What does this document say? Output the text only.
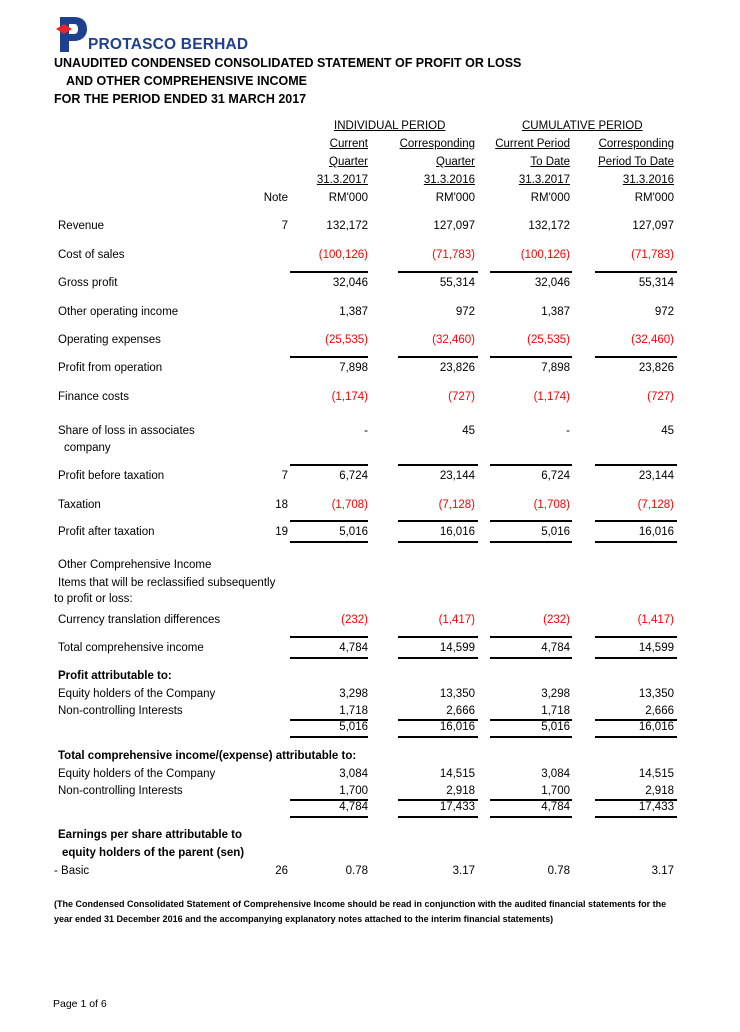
PROTASCO BERHAD
UNAUDITED CONDENSED CONSOLIDATED STATEMENT OF PROFIT OR LOSS
AND OTHER COMPREHENSIVE INCOME
FOR THE PERIOD ENDED 31 MARCH 2017
INDIVIDUAL PERIOD	CUMULATIVE PERIOD
Current	Corresponding	Current Period	Corresponding
Quarter	Quarter	To Date	Period To Date
31.3.2017	31.3.2016	31.3.2017	31.3.2016
Note	RM'000	RM'000	RM'000	RM'000
Revenue	7	132,172	127,097	132,172	127,097
Cost of sales	(100,126)	(71,783)	(100,126)	(71,783)
Gross profit	32,046	55,314	32,046	55,314
Other operating income	1,387	972	1,387	972
Operating expenses	(25,535)	(32,460)	(25,535)	(32,460)
Profit from operation	7,898	23,826	7,898	23,826
Finance costs	(1,174)	(727)	(1,174)	(727)
Share of loss in associates	-	45	-	45
company
Profit before taxation	7	6,724	23,144	6,724	23,144
Taxation	18	(1,708)	(7,128)	(1,708)	(7,128)
Profit after taxation	19	5,016	16,016	5,016	16,016
Other Comprehensive Income
Items that will be reclassified subsequently
to profit or loss:
Currency translation differences	(232)	(1,417)	(232)	(1,417)
Total comprehensive income	4,784	14,599	4,784	14,599
Profit attributable to:
Equity holders of the Company	3,298	13,350	3,298	13,350
Non-controlling Interests	1,718	2,666	1,718	2,666
5,016	16,016	5,016	16,016
Total comprehensive income/(expense) attributable to:
Equity holders of the Company	3,084	14,515	3,084	14,515
Non-controlling Interests	1,700	2,918	1,700	2,918
4,784	17,433	4,784	17,433
Earnings per share attributable to
equity holders of the parent (sen)
- Basic	26	0.78	3.17	0.78	3.17
(The Condensed Consolidated Statement of Comprehensive Income should be read in conjunction with the audited financial statements for the year ended 31 December 2016 and the accompanying explanatory notes attached to the interim financial statements)
Page 1 of 6
